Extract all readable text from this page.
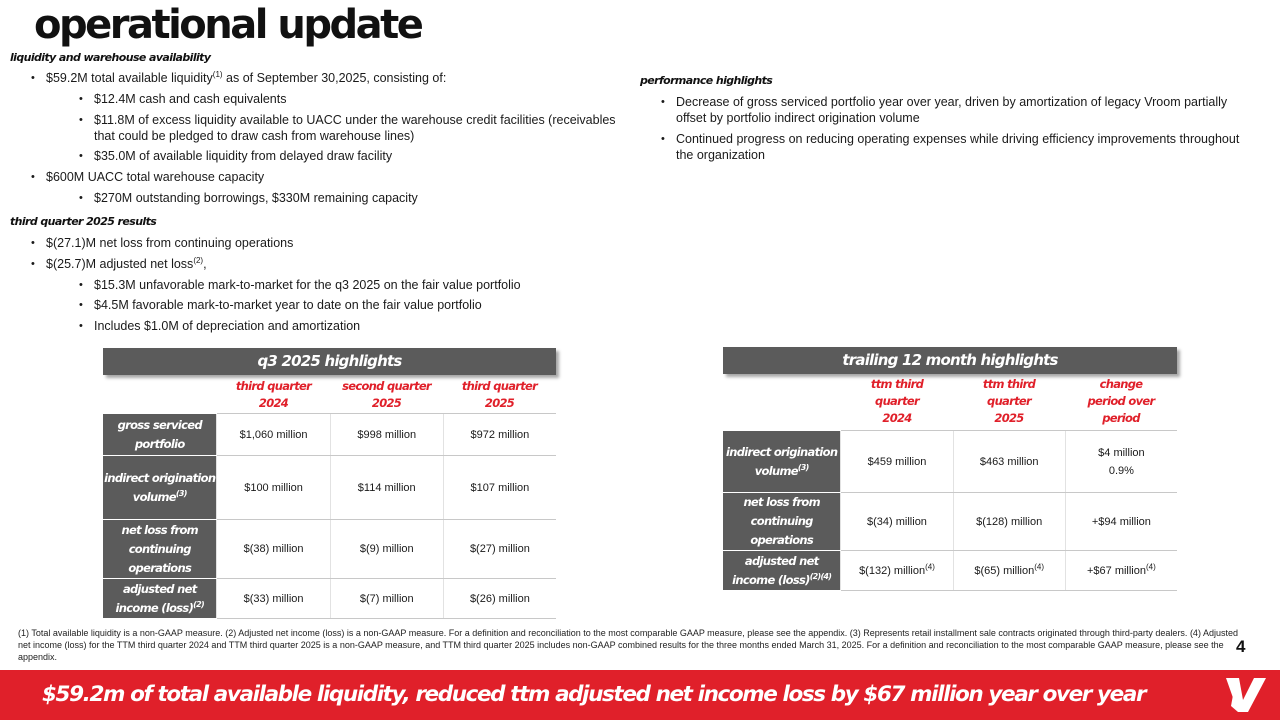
operational update
liquidity and warehouse availability
• $59.2M total available liquidity$^{(1)}$ as of September 30,2025, consisting of:
• $12.4M cash and cash equivalents
• $11.8M of excess liquidity available to UACC under the warehouse credit facilities (receivables that could be pledged to draw cash from warehouse lines)
• $35.0M of available liquidity from delayed draw facility
• $600M UACC total warehouse capacity
• $270M outstanding borrowings, $330M remaining capacity
third quarter 2025 results
• $(27.1)M net loss from continuing operations
• $(25.7)M adjusted net loss$^{(2)}$,
• $15.3M unfavorable mark-to-market for the q3 2025 on the fair value portfolio
• $4.5M favorable mark-to-market year to date on the fair value portfolio
• Includes $1.0M of depreciation and amortization
performance highlights
• Decrease of gross serviced portfolio year over year, driven by amortization of legacy Vroom partially offset by portfolio indirect origination volume
• Continued progress on reducing operating expenses while driving efficiency improvements throughout the organization
q3 2025 highlights
third quarter
2024
second quarter
2025
third quarter
2025
gross serviced portfolio	$1,060 million	$998 million	$972 million
indirect origination volume$^{(3)}$	$100 million	$114 million	$107 million
net loss from continuing operations	$(38) million	$(9) million	$(27) million
adjusted net income (loss)$^{(2)}$	$(33) million	$(7) million	$(26) million
trailing 12 month highlights
ttm third
quarter
2024
ttm third
quarter
2025
change
period over
period
indirect origination volume$^{(3)}$	$459 million	$463 million	$4 million
0.9%
net loss from continuing operations	$(34) million	$(128) million	+$94 million
adjusted net income (loss)$^{(2)(4)}$	$(132) million$^{(4)}$	$(65) million$^{(4)}$	+$67 million$^{(4)}$
(1) Total available liquidity is a non-GAAP measure. (2) Adjusted net income (loss) is a non-GAAP measure. For a definition and reconciliation to the most comparable GAAP measure, please see the appendix. (3) Represents retail installment sale contracts originated through third-party dealers. (4) Adjusted net income (loss) for the TTM third quarter 2024 and TTM third quarter 2025 is a non-GAAP measure, and TTM third quarter 2025 includes non-GAAP combined results for the three months ended March 31, 2025. For a definition and reconciliation to the most comparable GAAP measure, please see the appendix.
4
$59.2m of total available liquidity, reduced ttm adjusted net income loss by $67 million year over year
